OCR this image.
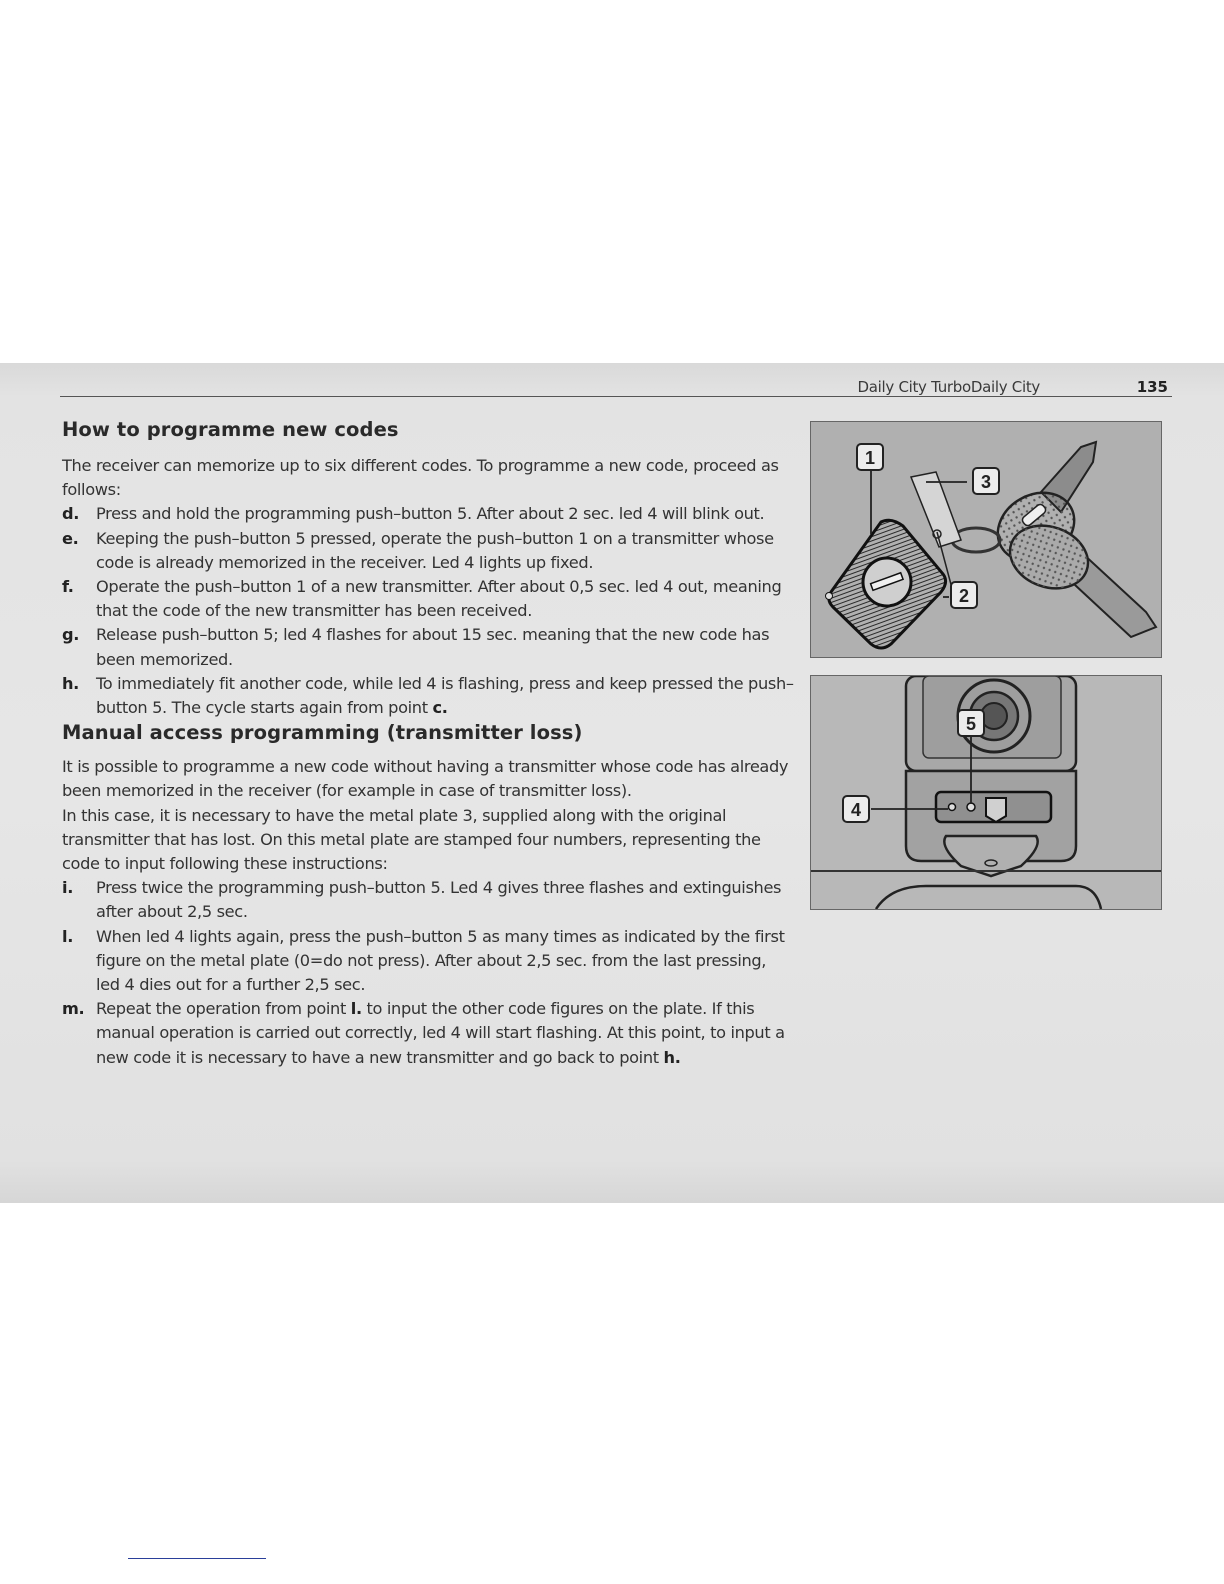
Daily City TurboDaily City	135
How to programme new codes

The receiver can memorize up to six different codes. To programme a new code, proceed as follows:

d. Press and hold the programming push–button 5. After about 2 sec. led 4 will blink out.
e. Keeping the push–button 5 pressed, operate the push–button 1 on a transmitter whose code is already memorized in the receiver. Led 4 lights up fixed.
f. Operate the push–button 1 of a new transmitter. After about 0,5 sec. led 4 out, meaning that the code of the new transmitter has been received.
g. Release push–button 5; led 4 flashes for about 15 sec. meaning that the new code has been memorized.
h. To immediately fit another code, while led 4 is flashing, press and keep pressed the push–button 5. The cycle starts again from point c.
Manual access programming (transmitter loss)

It is possible to programme a new code without having a transmitter whose code has already been memorized in the receiver (for example in case of transmitter loss).

In this case, it is necessary to have the metal plate 3, supplied along with the original transmitter that has lost. On this metal plate are stamped four numbers, representing the code to input following these instructions:

i. Press twice the programming push–button 5. Led 4 gives three flashes and extinguishes after about 2,5 sec.
l. When led 4 lights again, press the push–button 5 as many times as indicated by the first figure on the metal plate (0=do not press). After about 2,5 sec. from the last pressing, led 4 dies out for a further 2,5 sec.
m. Repeat the operation from point l. to input the other code figures on the plate. If this manual operation is carried out correctly, led 4 will start flashing. At this point, to input a new code it is necessary to have a new transmitter and go back to point h.
1
3
2
5
4
